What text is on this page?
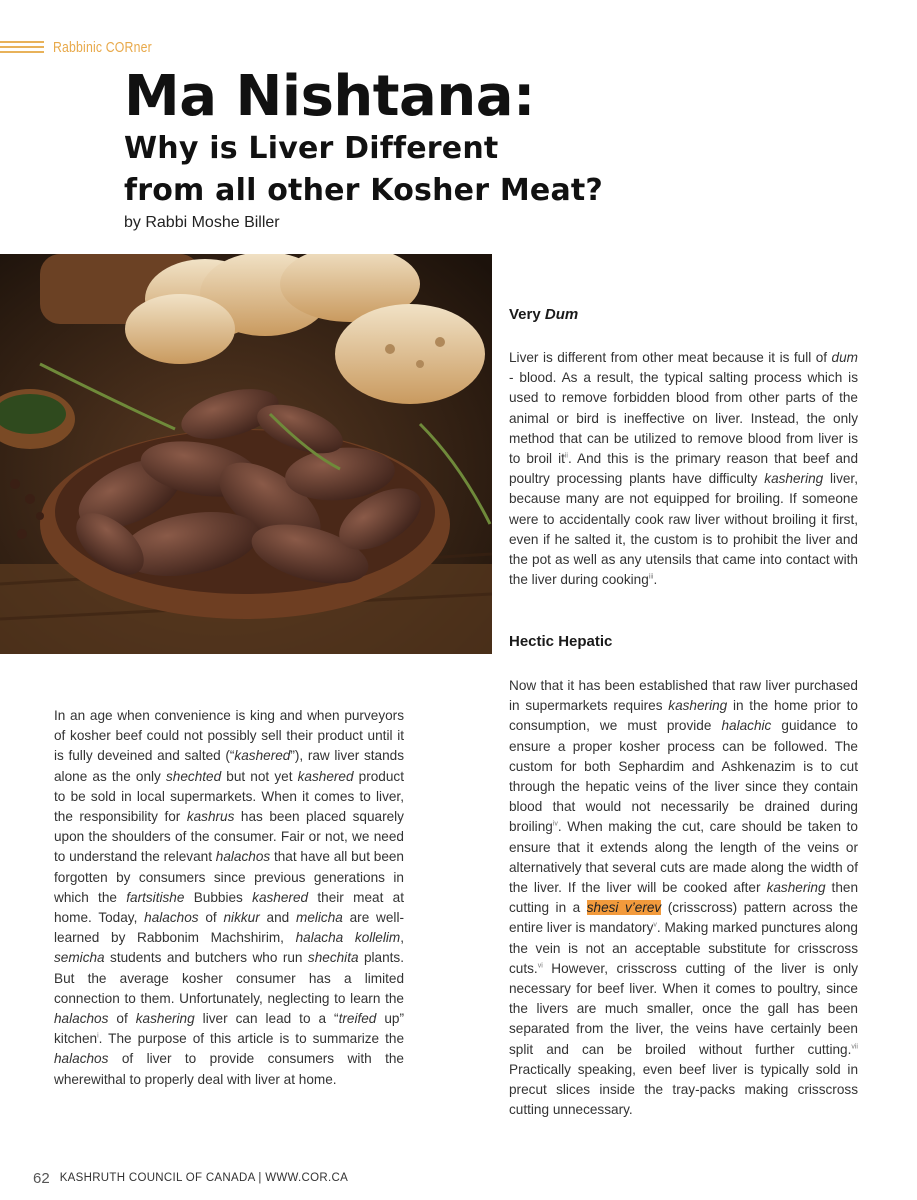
Rabbinic CORner
Ma Nishtana:
Why is Liver Different
from all other Kosher Meat?

by Rabbi Moshe Biller

Very Dum

Liver is different from other meat because it is full of dum - blood. As a result, the typical salting process which is used to remove forbidden blood from other parts of the animal or bird is ineffective on liver. Instead, the only method that can be utilized to remove blood from liver is to broil $it^{ii}$. And this is the primary reason that beef and poultry processing plants have difficulty kashering liver, because many are not equipped for broiling. If someone were to accidentally cook raw liver without broiling it first, even if he salted it, the custom is to prohibit the liver and the pot as well as any utensils that came into contact with the liver during cooking$^{iii}$.

Hectic Hepatic

Now that it has been established that raw liver purchased in supermarkets requires kashering in the home prior to consumption, we must provide halachic guidance to ensure a proper kosher process can be followed. The custom for both Sephardim and Ashkenazim is to cut through the hepatic veins of the liver since they contain blood that would not necessarily be drained during broiling$^{iv}$. When making the cut, care should be taken to ensure that it extends along the length of the veins or alternatively that several cuts are made along the width of the liver. If the liver will be cooked after kashering then cutting in a shesi v’erev (crisscross) pattern across the entire liver is mandatory$^v$. Making marked punctures along the vein is not an acceptable substitute for crisscross cuts.$^{vi}$ However, crisscross cutting of the liver is only necessary for beef liver. When it comes to poultry, since the livers are much smaller, once the gall has been separated from the liver, the veins have certainly been split and can be broiled without further cutting.$^{vii}$ Practically speaking, even beef liver is typically sold in precut slices inside the tray-packs making crisscross cutting unnecessary.

In an age when convenience is king and when purveyors of kosher beef could not possibly sell their product until it is fully deveined and salted (“kashered”), raw liver stands alone as the only shechted but not yet kashered product to be sold in local supermarkets. When it comes to liver, the responsibility for kashrus has been placed squarely upon the shoulders of the consumer. Fair or not, we need to understand the relevant halachos that have all but been forgotten by consumers since previous generations in which the fartsitishe Bubbies kashered their meat at home. Today, halachos of nikkur and melicha are well-learned by Rabbonim Machshirim, halacha kollelim, semicha students and butchers who run shechita plants. But the average kosher consumer has a limited connection to them. Unfortunately, neglecting to learn the halachos of kashering liver can lead to a “treifed up” kitchen$^i$. The purpose of this article is to summarize the halachos of liver to provide consumers with the wherewithal to properly deal with liver at home.

62 KASHRUTH COUNCIL OF CANADA | WWW.COR.CA
